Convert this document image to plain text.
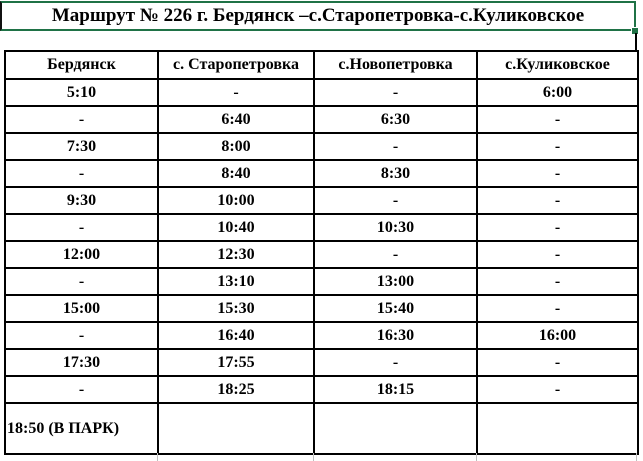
Маршрут № 226 г. Бердянск –с.Старопетровка-с.Куликовское
Бердянск	с. Старопетровка	с.Новопетровка	с.Куликовское
5:10	-	-	6:00
-	6:40	6:30	-
7:30	8:00	-	-
-	8:40	8:30	-
9:30	10:00	-	-
-	10:40	10:30	-
12:00	12:30	-	-
-	13:10	13:00	-
15:00	15:30	15:40	-
-	16:40	16:30	16:00
17:30	17:55	-	-
-	18:25	18:15	-
18:50 (В ПАРК)			
